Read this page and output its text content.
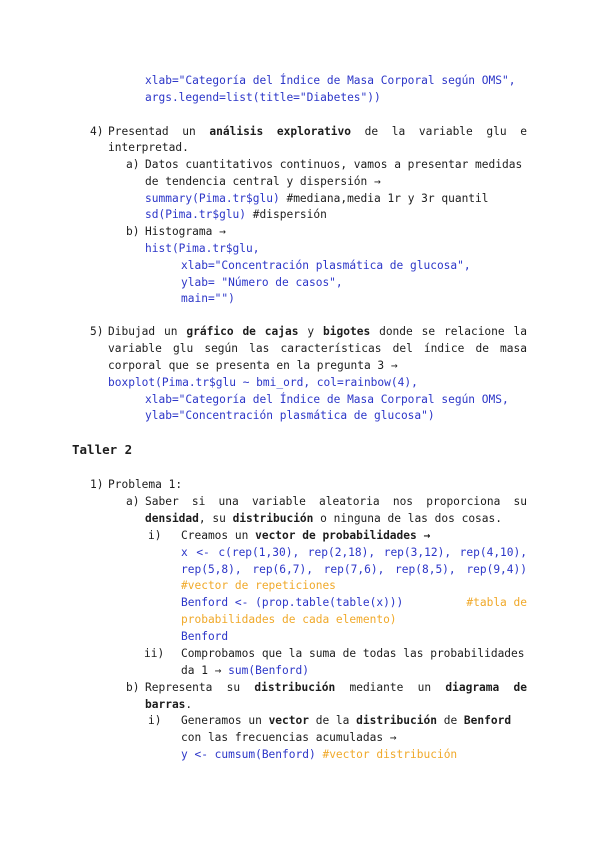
xlab="Categoría del Índice de Masa Corporal según OMS",
args.legend=list(title="Diabetes"))
4) Presentad un análisis explorativo de la variable glu e
interpretad.
a) Datos cuantitativos continuos, vamos a presentar medidas
de tendencia central y dispersión →
summary(Pima.tr$glu) #mediana,media 1r y 3r quantil
sd(Pima.tr$glu) #dispersión
b) Histograma →
hist(Pima.tr$glu,
xlab="Concentración plasmática de glucosa",
ylab= "Número de casos",
main="")
5) Dibujad un gráfico de cajas y bigotes donde se relacione la
variable glu según las características del índice de masa
corporal que se presenta en la pregunta 3 →
boxplot(Pima.tr$glu ~ bmi_ord, col=rainbow(4),
xlab="Categoría del Índice de Masa Corporal según OMS,
ylab="Concentración plasmática de glucosa")
Taller 2
1) Problema 1:
a) Saber si una variable aleatoria nos proporciona su
densidad, su distribución o ninguna de las dos cosas.
i) Creamos un vector de probabilidades →
x <- c(rep(1,30), rep(2,18), rep(3,12), rep(4,10),
rep(5,8), rep(6,7), rep(7,6), rep(8,5), rep(9,4))
#vector de repeticiones
Benford <- (prop.table(table(x)))	#tabla de
probabilidades de cada elemento)
Benford
ii) Comprobamos que la suma de todas las probabilidades
da 1 → sum(Benford)
b) Representa su distribución mediante un diagrama de
barras.
i) Generamos un vector de la distribución de Benford
con las frecuencias acumuladas →
y <- cumsum(Benford) #vector distribución
